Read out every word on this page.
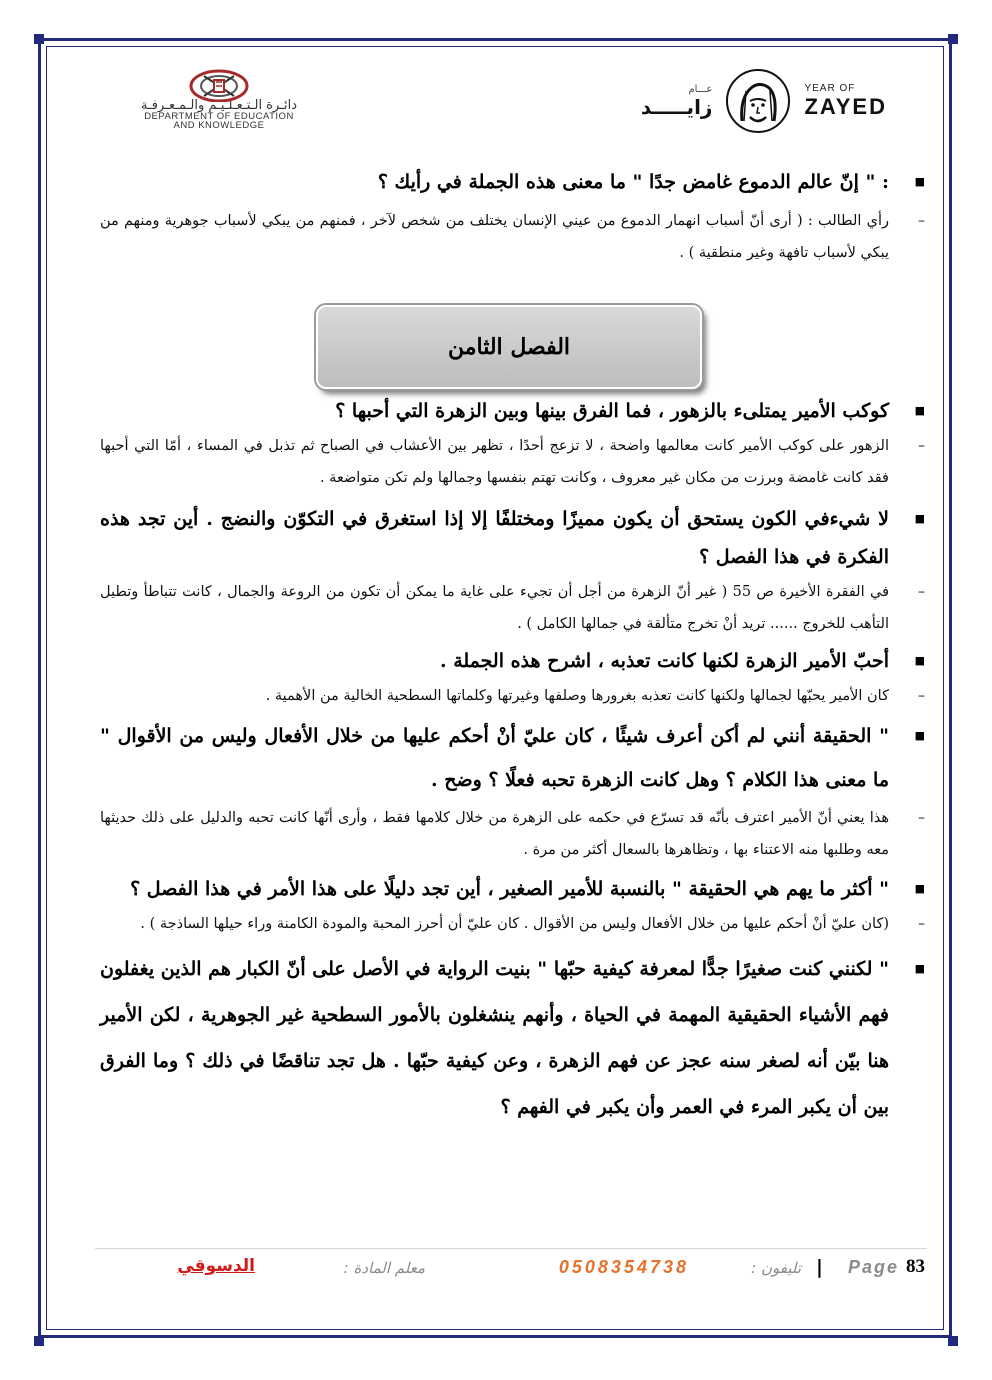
YEAR OF
ZAYED
عـــام
زايـــــد
دائـرة الـتـعـلـيـم والـمـعـرفـة
DEPARTMENT OF EDUCATION
AND KNOWLEDGE
■ : " إنّ عالم الدموع غامض جدًا " ما معنى هذه الجملة في رأيك ؟
– رأي الطالب : ( أرى أنّ أسباب انهمار الدموع من عيني الإنسان يختلف من شخص لآخر ، فمنهم من يبكي لأسباب جوهرية ومنهم من يبكي لأسباب تافهة وغير منطقية ) .
الفصل الثامن
■ كوكب الأمير يمتلىء بالزهور ، فما الفرق بينها وبين الزهرة التي أحبها ؟
– الزهور على كوكب الأمير كانت معالمها واضحة ، لا تزعج أحدًا ، تظهر بين الأعشاب في الصباح ثم تذبل في المساء ، أمّا التي أحبها فقد كانت غامضة وبرزت من مكان غير معروف ، وكانت تهتم بنفسها وجمالها ولم تكن متواضعة .
■ لا شيءفي الكون يستحق أن يكون مميزًا ومختلفًا إلا إذا استغرق في التكوّن والنضج . أين تجد هذه الفكرة في هذا الفصل ؟
– في الفقرة الأخيرة ص 55 ( غير أنّ الزهرة من أجل أن تجيء على غاية ما يمكن أن تكون من الروعة والجمال ، كانت تتباطأ وتطيل التأهب للخروج ...... تريد أنْ تخرج متألقة في جمالها الكامل ) .
■ أحبّ الأمير الزهرة لكنها كانت تعذبه ، اشرح هذه الجملة .
– كان الأمير يحبّها لجمالها ولكنها كانت تعذبه بغرورها وصلفها وغيرتها وكلماتها السطحية الخالية من الأهمية .
■ " الحقيقة أنني لم أكن أعرف شيئًا ، كان عليّ أنْ أحكم عليها من خلال الأفعال وليس من الأقوال " ما معنى هذا الكلام ؟ وهل كانت الزهرة تحبه فعلًا ؟ وضح .
– هذا يعني أنّ الأمير اعترف بأنّه قد تسرّع في حكمه على الزهرة من خلال كلامها فقط ، وأرى أنّها كانت تحبه والدليل على ذلك حديثها معه وطلبها منه الاعتناء بها ، وتظاهرها بالسعال أكثر من مرة .
■ " أكثر ما يهم هي الحقيقة " بالنسبة للأمير الصغير ، أين تجد دليلًا على هذا الأمر في هذا الفصل ؟
– (كان عليّ أنْ أحكم عليها من خلال الأفعال وليس من الأقوال . كان عليّ أن أحرز المحبة والمودة الكامنة وراء حيلها الساذجة ) .
■ " لكنني كنت صغيرًا جدًّا لمعرفة كيفية حبّها " بنيت الرواية في الأصل على أنّ الكبار هم الذين يغفلون فهم الأشياء الحقيقية المهمة في الحياة ، وأنهم ينشغلون بالأمور السطحية غير الجوهرية ، لكن الأمير هنا بيّن أنه لصغر سنه عجز عن فهم الزهرة ، وعن كيفية حبّها . هل تجد تناقضًا في ذلك ؟ وما الفرق بين أن يكبر المرء في العمر وأن يكبر في الفهم ؟
83
Page
|
تليفون :
0508354738
معلم المادة :
الدسوقي
